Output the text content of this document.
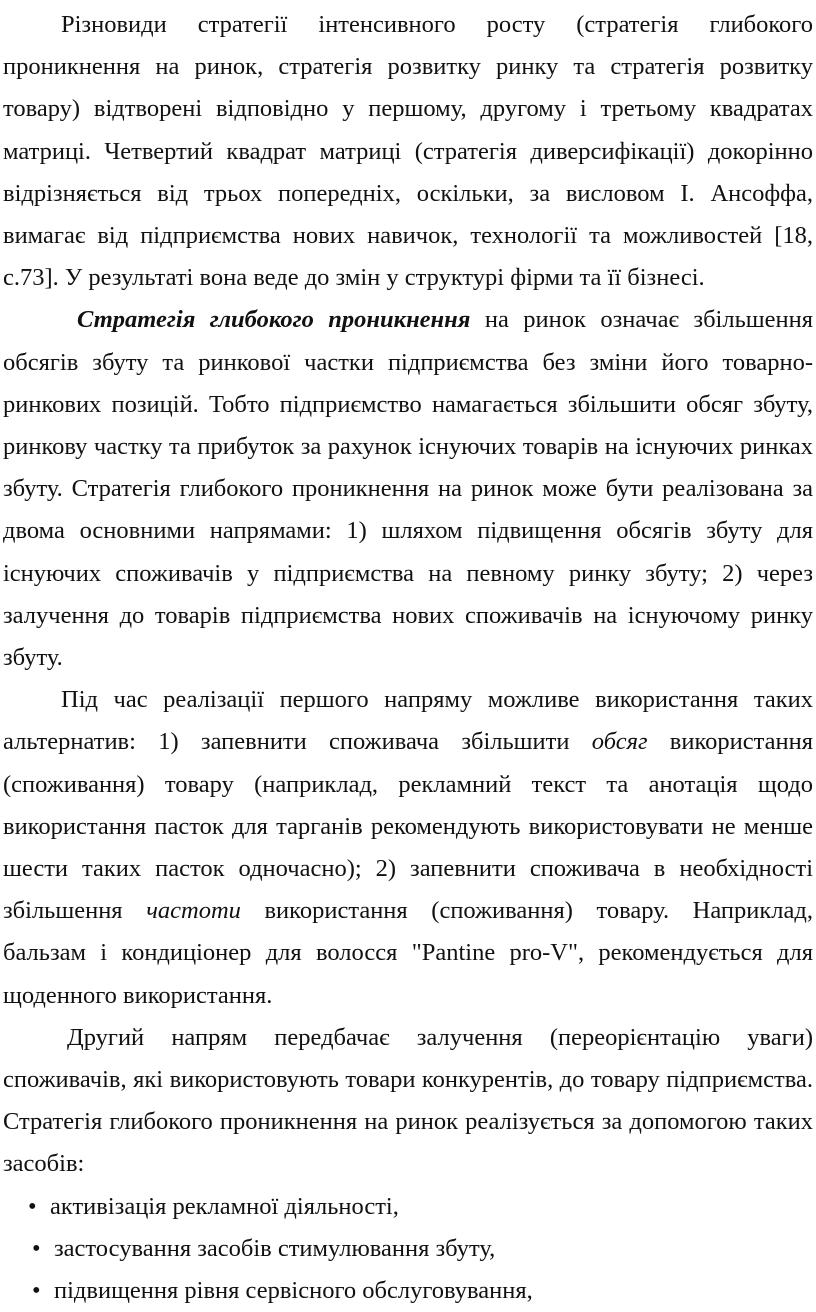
Різновиди стратегії інтенсивного росту (стратегія глибокого проникнення на ринок, стратегія розвитку ринку та стратегія розвитку товару) відтворені відповідно у першому, другому і третьому квадратах матриці. Четвертий квадрат матриці (стратегія диверсифікації) докорінно відрізняється від трьох попередніх, оскільки, за висловом І. Ансоффа, вимагає від підприємства нових навичок, технології та можливостей [18, с.73]. У результаті вона веде до змін у структурі фірми та її бізнесі.

Стратегія глибокого проникнення на ринок означає збільшення обсягів збуту та ринкової частки підприємства без зміни його товарно-ринкових позицій. Тобто підприємство намагається збільшити обсяг збуту, ринкову частку та прибуток за рахунок існуючих товарів на існуючих ринках збуту. Стратегія глибокого проникнення на ринок може бути реалізована за двома основними напрямами: 1) шляхом підвищення обсягів збуту для існуючих споживачів у підприємства на певному ринку збуту; 2) через залучення до товарів підприємства нових споживачів на існуючому ринку збуту.

Під час реалізації першого напряму можливе використання таких альтернатив: 1) запевнити споживача збільшити обсяг використання (споживання) товару (наприклад, рекламний текст та анотація щодо використання пасток для тарганів рекомендують використовувати не менше шести таких пасток одночасно); 2) запевнити споживача в необхідності збільшення частоти використання (споживання) товару. Наприклад, бальзам і кондиціонер для волосся "Pantine pro-V", рекомендується для щоденного використання.

Другий напрям передбачає залучення (переорієнтацію уваги) споживачів, які використовують товари конкурентів, до товару підприємства. Стратегія глибокого проникнення на ринок реалізується за допомогою таких засобів:

• активізація рекламної діяльності,
• застосування засобів стимулювання збуту,
• підвищення рівня сервісного обслуговування,
